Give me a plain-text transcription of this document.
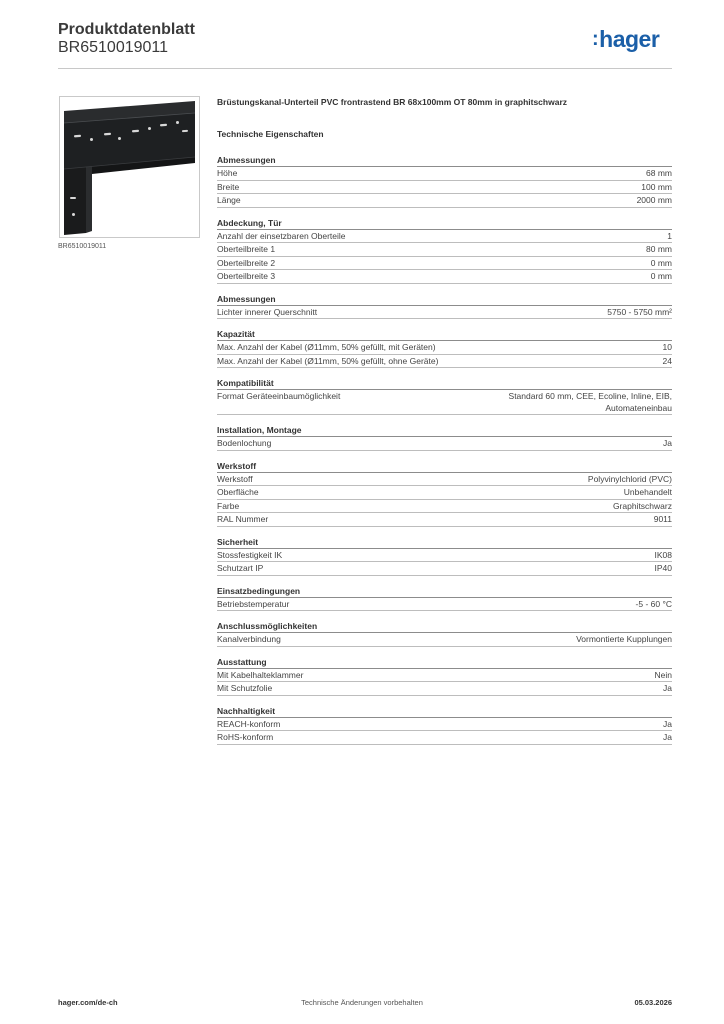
Produktdatenblatt
BR6510019011	:hager
BR6510019011
Brüstungskanal-Unterteil PVC frontrastend BR 68x100mm OT 80mm in graphitschwarz
Technische Eigenschaften
Abmessungen
Höhe	68 mm
Breite	100 mm
Länge	2000 mm
Abdeckung, Tür
Anzahl der einsetzbaren Oberteile	1
Oberteilbreite 1	80 mm
Oberteilbreite 2	0 mm
Oberteilbreite 3	0 mm
Abmessungen
Lichter innerer Querschnitt	5750 - 5750 mm²
Kapazität
Max. Anzahl der Kabel (Ø11mm, 50% gefüllt, mit Geräten)	10
Max. Anzahl der Kabel (Ø11mm, 50% gefüllt, ohne Geräte)	24
Kompatibilität
Format Geräteeinbaumöglichkeit	Standard 60 mm, CEE, Ecoline, Inline, EIB,
Automateneinbau
Installation, Montage
Bodenlochung	Ja
Werkstoff
Werkstoff	Polyvinylchlorid (PVC)
Oberfläche	Unbehandelt
Farbe	Graphitschwarz
RAL Nummer	9011
Sicherheit
Stossfestigkeit IK	IK08
Schutzart IP	IP40
Einsatzbedingungen
Betriebstemperatur	-5 - 60 °C
Anschlussmöglichkeiten
Kanalverbindung	Vormontierte Kupplungen
Ausstattung
Mit Kabelhalteklammer	Nein
Mit Schutzfolie	Ja
Nachhaltigkeit
REACH-konform	Ja
RoHS-konform	Ja
hager.com/de-ch	Technische Änderungen vorbehalten	05.03.2026
